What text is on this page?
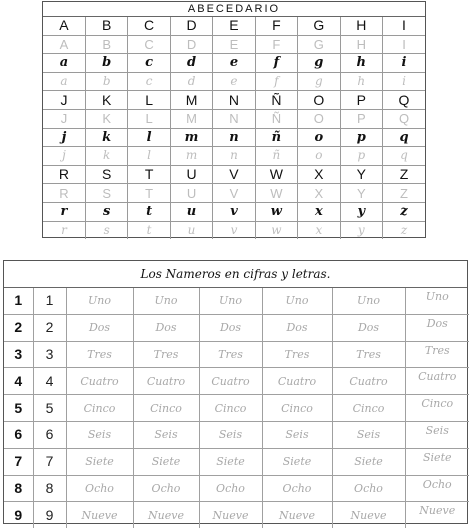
ABECEDARIO
A	B	C	D	E	F	G	H	I
A	B	C	D	E	F	G	H	I
a	b	c	d	e	f	g	h	i
a	b	c	d	e	f	g	h	i
J	K	L	M	N	Ñ	O	P	Q
J	K	L	M	N	Ñ	O	P	Q
j	k	l	m	n	ñ	o	p	q
j	k	l	m	n	ñ	o	p	q
R	S	T	U	V	W	X	Y	Z
R	S	T	U	V	W	X	Y	Z
r	s	t	u	v	w	x	y	z
r	s	t	u	v	w	x	y	z
Los Nameros en cifras y letras.
1	1	Uno	Uno	Uno	Uno	Uno	Uno
2	2	Dos	Dos	Dos	Dos	Dos	Dos
3	3	Tres	Tres	Tres	Tres	Tres	Tres
4	4	Cuatro	Cuatro	Cuatro	Cuatro	Cuatro	Cuatro
5	5	Cinco	Cinco	Cinco	Cinco	Cinco	Cinco
6	6	Seis	Seis	Seis	Seis	Seis	Seis
7	7	Siete	Siete	Siete	Siete	Siete	Siete
8	8	Ocho	Ocho	Ocho	Ocho	Ocho	Ocho
9	9	Nueve	Nueve	Nueve	Nueve	Nueve	Nueve
